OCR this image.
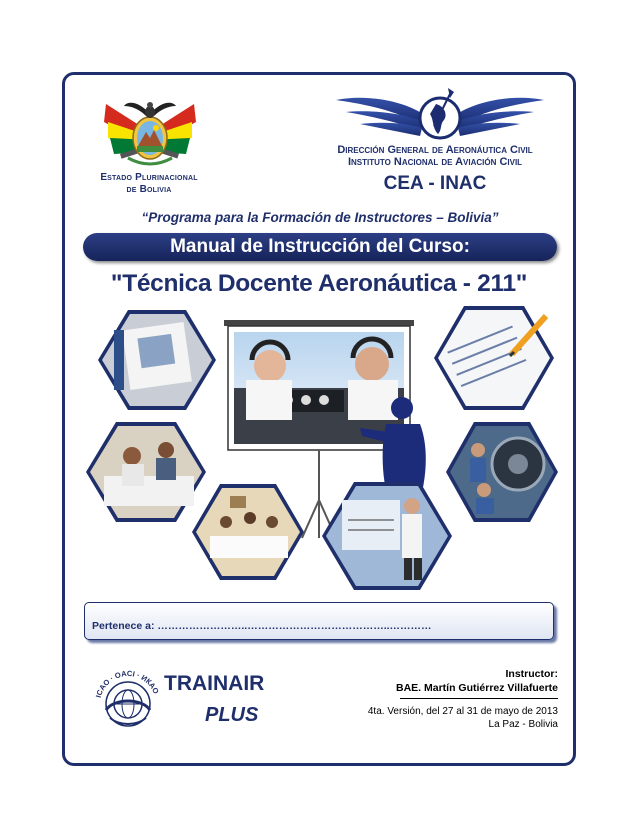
Estado Plurinacional
de Bolivia
Dirección General de Aeronáutica Civil
Instituto Nacional de Aviación Civil
CEA - INAC
“Programa para la Formación de Instructores – Bolivia”
Manual de Instrucción del Curso:
"Técnica Docente Aeronáutica - 211"
Pertenece a: ……………………..…………………………………..…………
ICAO · OACI · ИКАО TRAINAIR
PLUS
Instructor:
BAE. Martín Gutiérrez Villafuerte
4ta. Versión, del 27 al 31 de mayo de 2013
La Paz - Bolivia
